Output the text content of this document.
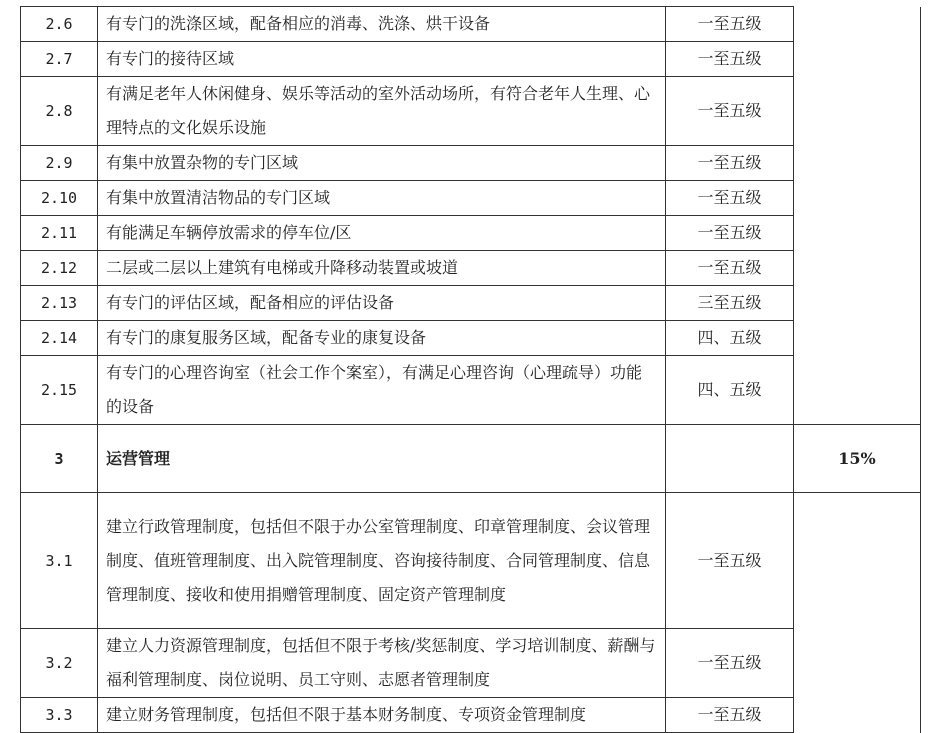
2.6	有专门的洗涤区域，配备相应的消毒、洗涤、烘干设备	一至五级	
2.7	有专门的接待区域	一至五级	
2.8	有满足老年人休闲健身、娱乐等活动的室外活动场所，有符合老年人生理、心理特点的文化娱乐设施	一至五级	
2.9	有集中放置杂物的专门区域	一至五级	
2.10	有集中放置清洁物品的专门区域	一至五级	
2.11	有能满足车辆停放需求的停车位/区	一至五级	
2.12	二层或二层以上建筑有电梯或升降移动装置或坡道	一至五级	
2.13	有专门的评估区域，配备相应的评估设备	三至五级	
2.14	有专门的康复服务区域，配备专业的康复设备	四、五级	
2.15	有专门的心理咨询室（社会工作个案室），有满足心理咨询（心理疏导）功能的设备	四、五级	
3	运营管理		15%
3.1	建立行政管理制度，包括但不限于办公室管理制度、印章管理制度、会议管理制度、值班管理制度、出入院管理制度、咨询接待制度、合同管理制度、信息管理制度、接收和使用捐赠管理制度、固定资产管理制度	一至五级	
3.2	建立人力资源管理制度，包括但不限于考核/奖惩制度、学习培训制度、薪酬与福利管理制度、岗位说明、员工守则、志愿者管理制度	一至五级	
3.3	建立财务管理制度，包括但不限于基本财务制度、专项资金管理制度	一至五级	
